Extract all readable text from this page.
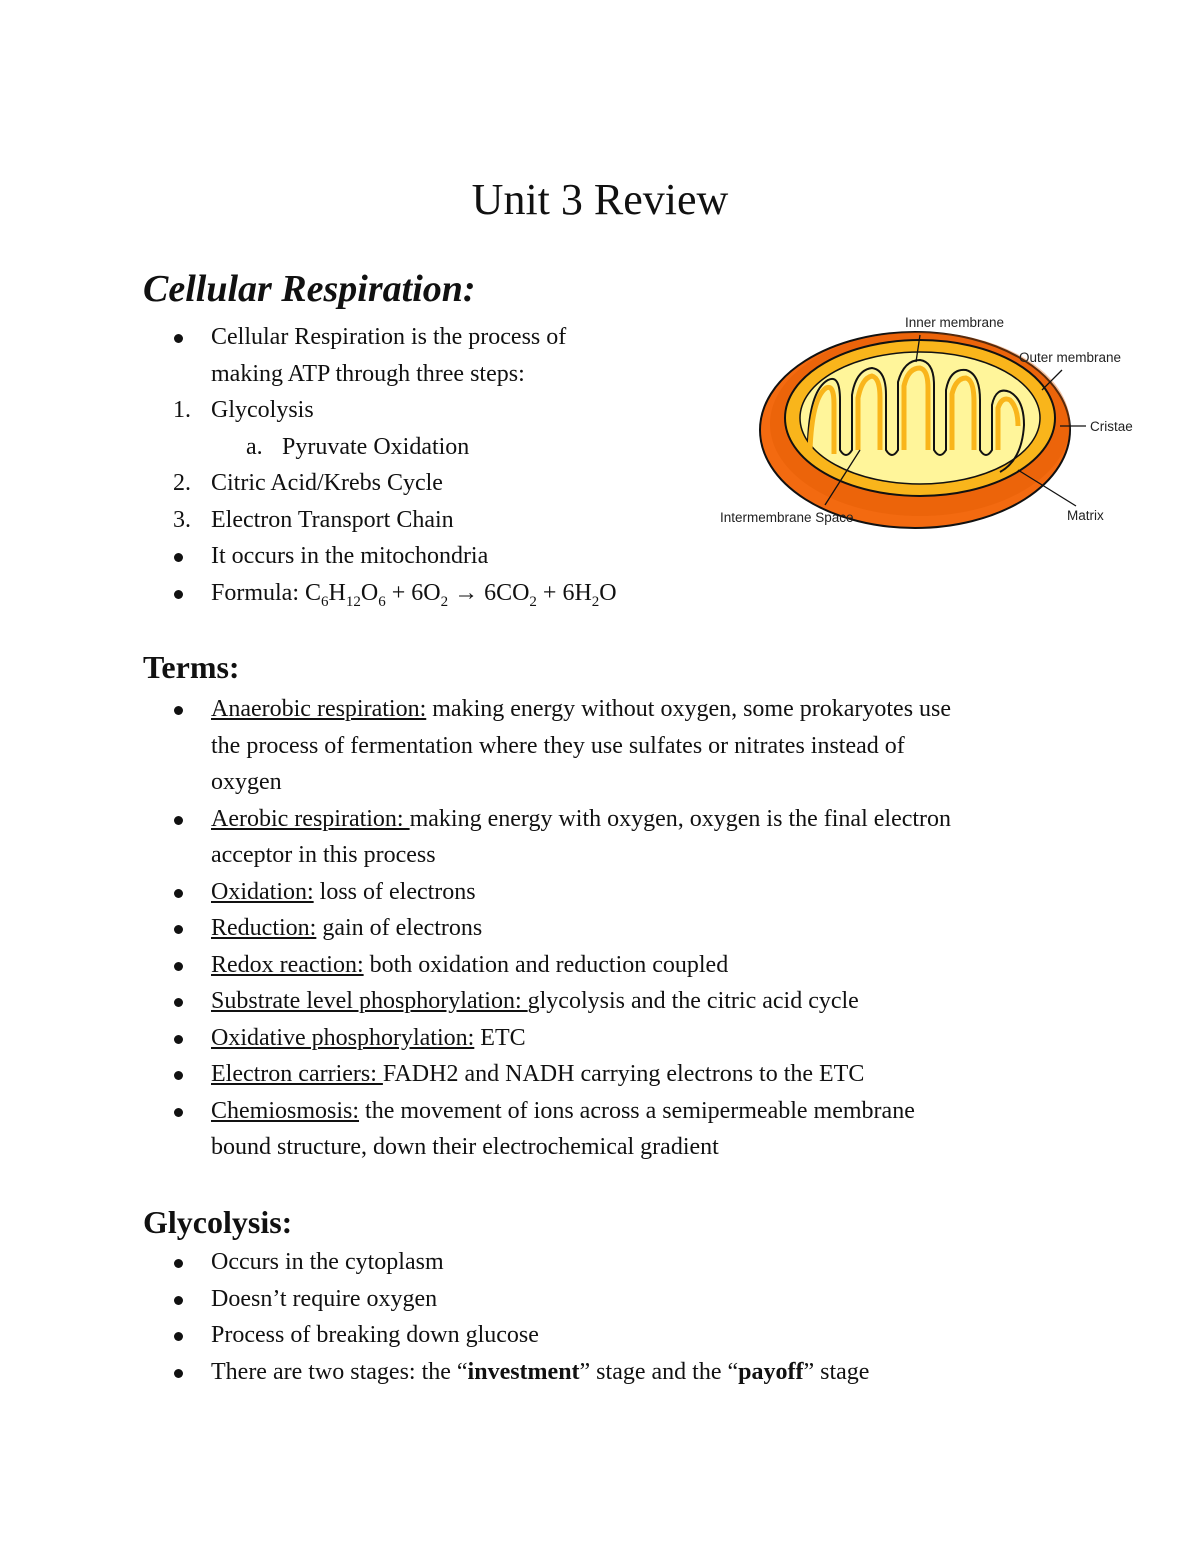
Unit 3 Review
Cellular Respiration:
Cellular Respiration is the process of
making ATP through three steps:
1. Glycolysis
a. Pyruvate Oxidation
2. Citric Acid/Krebs Cycle
3. Electron Transport Chain
It occurs in the mitochondria
Formula: $C_6H_{12}O_6 + 6O_2 \to 6CO_2 + 6H_2O$
Inner membrane
Outer membrane
Cristae
Intermembrane Space	Matrix
Terms:
Anaerobic respiration: making energy without oxygen, some prokaryotes use
the process of fermentation where they use sulfates or nitrates instead of
oxygen
Aerobic respiration: making energy with oxygen, oxygen is the final electron
acceptor in this process
Oxidation: loss of electrons
Reduction: gain of electrons
Redox reaction: both oxidation and reduction coupled
Substrate level phosphorylation: glycolysis and the citric acid cycle
Oxidative phosphorylation: ETC
Electron carriers: FADH2 and NADH carrying electrons to the ETC
Chemiosmosis: the movement of ions across a semipermeable membrane
bound structure, down their electrochemical gradient
Glycolysis:
Occurs in the cytoplasm
Doesn’t require oxygen
Process of breaking down glucose
There are two stages: the “investment” stage and the “payoff” stage
